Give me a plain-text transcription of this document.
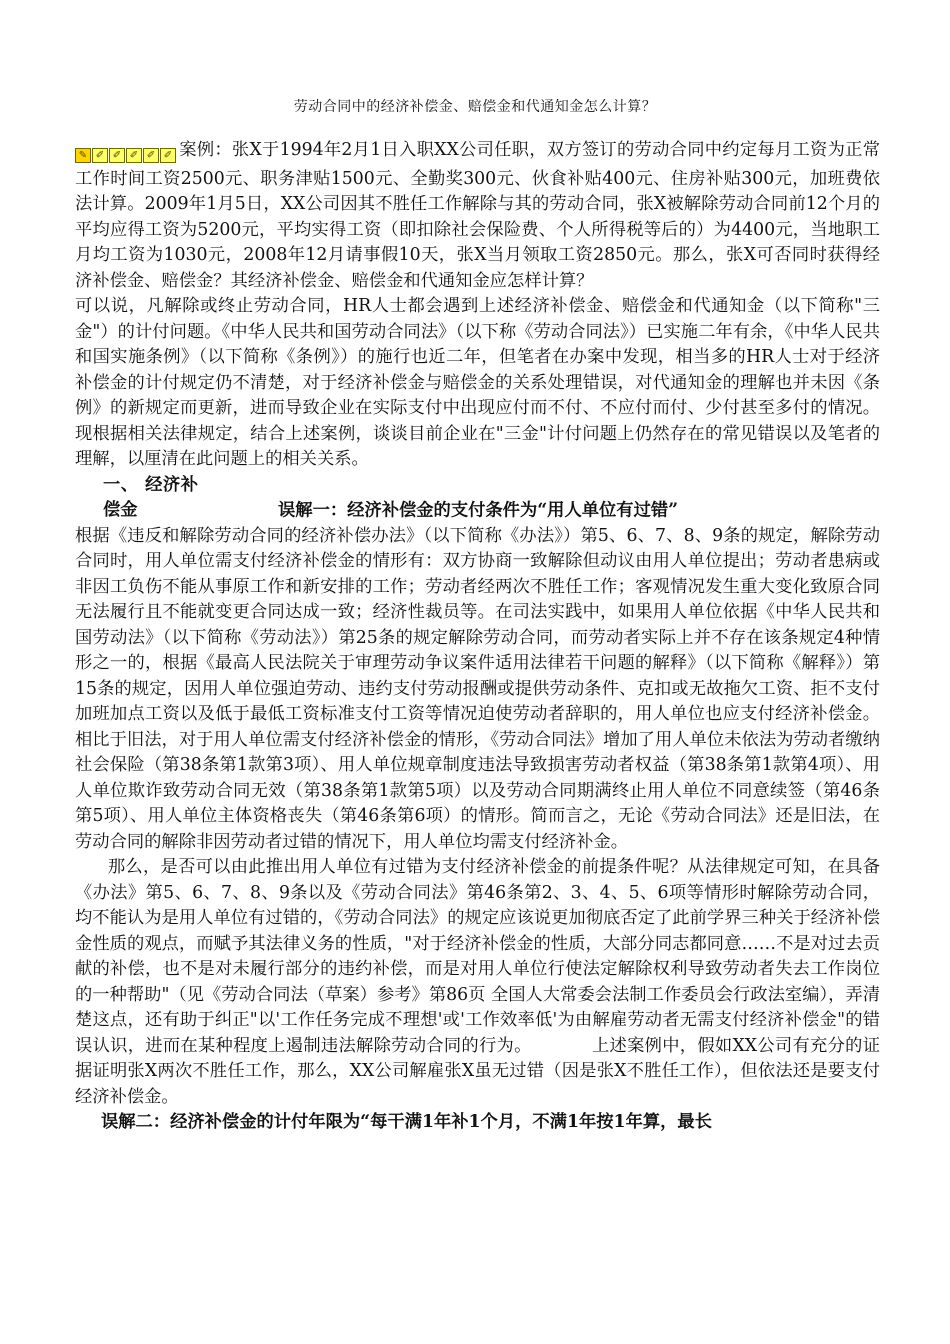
劳动合同中的经济补偿金、赔偿金和代通知金怎么计算？

✎ ✐ ✐ ✐ ✐ ✐ 案例：张X于1994年2月1日入职XX公司任职，双方签订的劳动合同中约定每月工资为正常工作时间工资2500元、职务津贴1500元、全勤奖300元、伙食补贴400元、住房补贴300元，加班费依法计算。2009年1月5日，XX公司因其不胜任工作解除与其的劳动合同，张X被解除劳动合同前12个月的平均应得工资为5200元，平均实得工资（即扣除社会保险费、个人所得税等后的）为4400元，当地职工月均工资为1030元，2008年12月请事假10天，张X当月领取工资2850元。那么，张X可否同时获得经济补偿金、赔偿金？其经济补偿金、赔偿金和代通知金应怎样计算？

可以说，凡解除或终止劳动合同，HR人士都会遇到上述经济补偿金、赔偿金和代通知金（以下简称"三金"）的计付问题。《中华人民共和国劳动合同法》（以下称《劳动合同法》）已实施二年有余，《中华人民共和国实施条例》（以下简称《条例》）的施行也近二年，但笔者在办案中发现，相当多的HR人士对于经济补偿金的计付规定仍不清楚，对于经济补偿金与赔偿金的关系处理错误，对代通知金的理解也并未因《条例》的新规定而更新，进而导致企业在实际支付中出现应付而不付、不应付而付、少付甚至多付的情况。现根据相关法律规定，结合上述案例，谈谈目前企业在"三金"计付问题上仍然存在的常见错误以及笔者的理解，以厘清在此问题上的相关关系。

一、 经济补偿金	误解一：经济补偿金的支付条件为“用人单位有过错”

根据《违反和解除劳动合同的经济补偿办法》（以下简称《办法》）第5、6、7、8、9条的规定，解除劳动合同时，用人单位需支付经济补偿金的情形有：双方协商一致解除但动议由用人单位提出；劳动者患病或非因工负伤不能从事原工作和新安排的工作；劳动者经两次不胜任工作；客观情况发生重大变化致原合同无法履行且不能就变更合同达成一致；经济性裁员等。在司法实践中，如果用人单位依据《中华人民共和国劳动法》（以下简称《劳动法》）第25条的规定解除劳动合同，而劳动者实际上并不存在该条规定4种情形之一的，根据《最高人民法院关于审理劳动争议案件适用法律若干问题的解释》（以下简称《解释》）第15条的规定，因用人单位强迫劳动、违约支付劳动报酬或提供劳动条件、克扣或无故拖欠工资、拒不支付加班加点工资以及低于最低工资标准支付工资等情况迫使劳动者辞职的，用人单位也应支付经济补偿金。相比于旧法，对于用人单位需支付经济补偿金的情形，《劳动合同法》增加了用人单位未依法为劳动者缴纳社会保险（第38条第1款第3项）、用人单位规章制度违法导致损害劳动者权益（第38条第1款第4项）、用人单位欺诈致劳动合同无效（第38条第1款第5项）以及劳动合同期满终止用人单位不同意续签（第46条第5项）、用人单位主体资格丧失（第46条第6项）的情形。简而言之，无论《劳动合同法》还是旧法，在劳动合同的解除非因劳动者过错的情况下，用人单位均需支付经济补金。

那么，是否可以由此推出用人单位有过错为支付经济补偿金的前提条件呢？从法律规定可知，在具备《办法》第5、6、7、8、9条以及《劳动合同法》第46条第2、3、4、5、6项等情形时解除劳动合同，均不能认为是用人单位有过错的，《劳动合同法》的规定应该说更加彻底否定了此前学界三种关于经济补偿金性质的观点，而赋予其法律义务的性质，"对于经济补偿金的性质，大部分同志都同意……不是对过去贡献的补偿，也不是对未履行部分的违约补偿，而是对用人单位行使法定解除权利导致劳动者失去工作岗位的一种帮助"（见《劳动合同法（草案）参考》第86页 全国人大常委会法制工作委员会行政法室编），弄清楚这点，还有助于纠正"以'工作任务完成不理想'或'工作效率低'为由解雇劳动者无需支付经济补偿金"的错误认识，进而在某种程度上遏制违法解除劳动合同的行为。	上述案例中，假如XX公司有充分的证据证明张X两次不胜任工作，那么，XX公司解雇张X虽无过错（因是张X不胜任工作），但依法还是要支付经济补偿金。

误解二：经济补偿金的计付年限为“每干满1年补1个月，不满1年按1年算，最长
